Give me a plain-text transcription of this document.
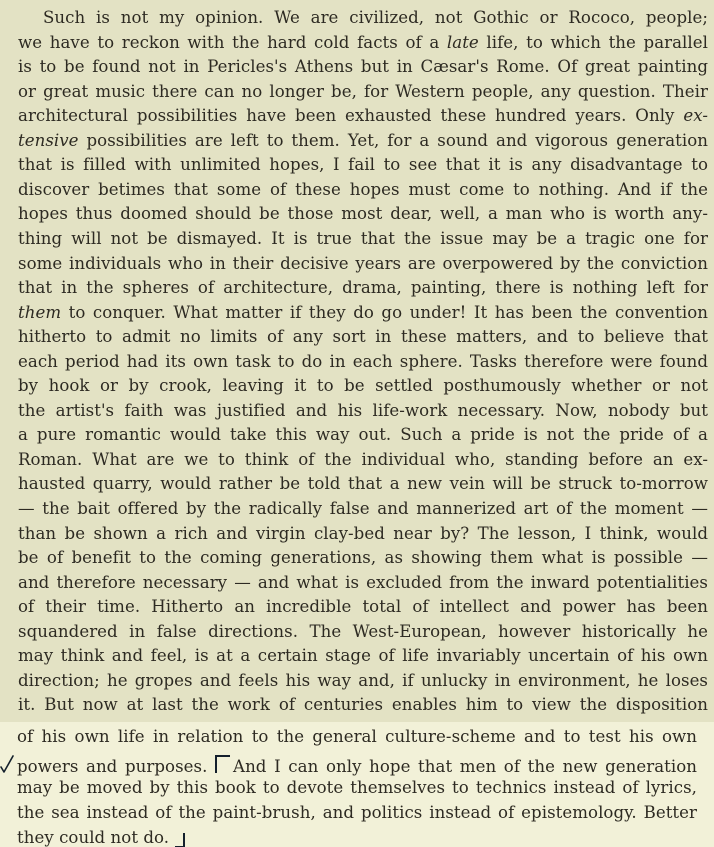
Such is not my opinion. We are civilized, not Gothic or Rococo, people;
we have to reckon with the hard cold facts of a late life, to which the parallel
is to be found not in Pericles's Athens but in Cæsar's Rome. Of great painting
or great music there can no longer be, for Western people, any question. Their
architectural possibilities have been exhausted these hundred years. Only ex-
tensive possibilities are left to them. Yet, for a sound and vigorous generation
that is filled with unlimited hopes, I fail to see that it is any disadvantage to
discover betimes that some of these hopes must come to nothing. And if the
hopes thus doomed should be those most dear, well, a man who is worth any-
thing will not be dismayed. It is true that the issue may be a tragic one for
some individuals who in their decisive years are overpowered by the conviction
that in the spheres of architecture, drama, painting, there is nothing left for
them to conquer. What matter if they do go under! It has been the convention
hitherto to admit no limits of any sort in these matters, and to believe that
each period had its own task to do in each sphere. Tasks therefore were found
by hook or by crook, leaving it to be settled posthumously whether or not
the artist's faith was justified and his life-work necessary. Now, nobody but
a pure romantic would take this way out. Such a pride is not the pride of a
Roman. What are we to think of the individual who, standing before an ex-
hausted quarry, would rather be told that a new vein will be struck to-morrow
— the bait offered by the radically false and mannerized art of the moment —
than be shown a rich and virgin clay-bed near by? The lesson, I think, would
be of benefit to the coming generations, as showing them what is possible —
and therefore necessary — and what is excluded from the inward potentialities
of their time. Hitherto an incredible total of intellect and power has been
squandered in false directions. The West-European, however historically he
may think and feel, is at a certain stage of life invariably uncertain of his own
direction; he gropes and feels his way and, if unlucky in environment, he loses
it. But now at last the work of centuries enables him to view the disposition
of his own life in relation to the general culture-scheme and to test his own
powers and purposes. And I can only hope that men of the new generation
may be moved by this book to devote themselves to technics instead of lyrics,
the sea instead of the paint-brush, and politics instead of epistemology. Better
they could not do.
